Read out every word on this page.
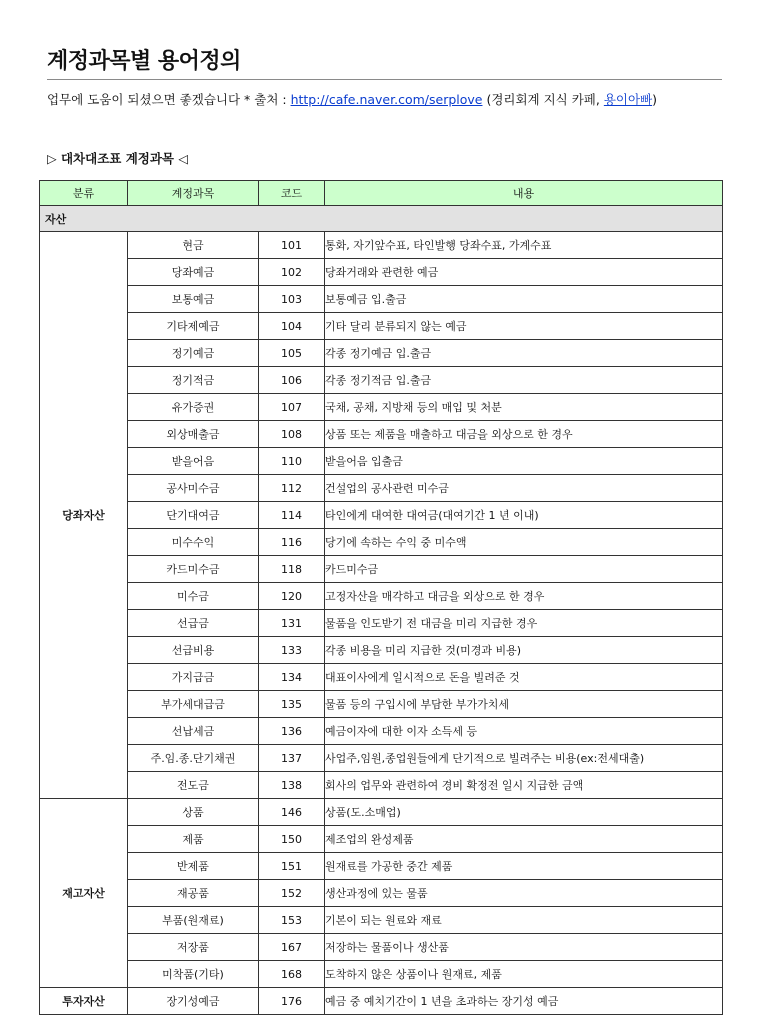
계정과목별 용어정의
업무에 도움이 되셨으면 좋겠습니다 * 출처 : http://cafe.naver.com/serplove (경리회계 지식 카페, 용이아빠)
▷ 대차대조표 계정과목 ◁
분류	계정과목	코드	내용
자산			
당좌자산	현금	101	통화, 자기앞수표, 타인발행 당좌수표, 가계수표
	당좌예금	102	당좌거래와 관련한 예금
	보통예금	103	보통예금 입.출금
	기타제예금	104	기타 달리 분류되지 않는 예금
	정기예금	105	각종 정기예금 입.출금
	정기적금	106	각종 정기적금 입.출금
	유가증권	107	국채, 공채, 지방채 등의 매입 및 처분
	외상매출금	108	상품 또는 제품을 매출하고 대금을 외상으로 한 경우
	받을어음	110	받을어음 입출금
	공사미수금	112	건설업의 공사관련 미수금
	단기대여금	114	타인에게 대여한 대여금(대여기간 1 년 이내)
	미수수익	116	당기에 속하는 수익 중 미수액
	카드미수금	118	카드미수금
	미수금	120	고정자산을 매각하고 대금을 외상으로 한 경우
	선급금	131	물품을 인도받기 전 대금을 미리 지급한 경우
	선급비용	133	각종 비용을 미리 지급한 것(미경과 비용)
	가지급금	134	대표이사에게 일시적으로 돈을 빌려준 것
	부가세대급금	135	물품 등의 구입시에 부담한 부가가치세
	선납세금	136	예금이자에 대한 이자 소득세 등
	주.임.종.단기채권	137	사업주,임원,종업원들에게 단기적으로 빌려주는 비용(ex:전세대출)
	전도금	138	회사의 업무와 관련하여 경비 확정전 일시 지급한 금액
재고자산	상품	146	상품(도.소매업)
	제품	150	제조업의 완성제품
	반제품	151	원재료를 가공한 중간 제품
	재공품	152	생산과정에 있는 물품
	부품(원재료)	153	기본이 되는 원료와 재료
	저장품	167	저장하는 물품이나 생산품
	미착품(기타)	168	도착하지 않은 상품이나 원재료, 제품
투자자산	장기성예금	176	예금 중 예치기간이 1 년을 초과하는 장기성 예금
